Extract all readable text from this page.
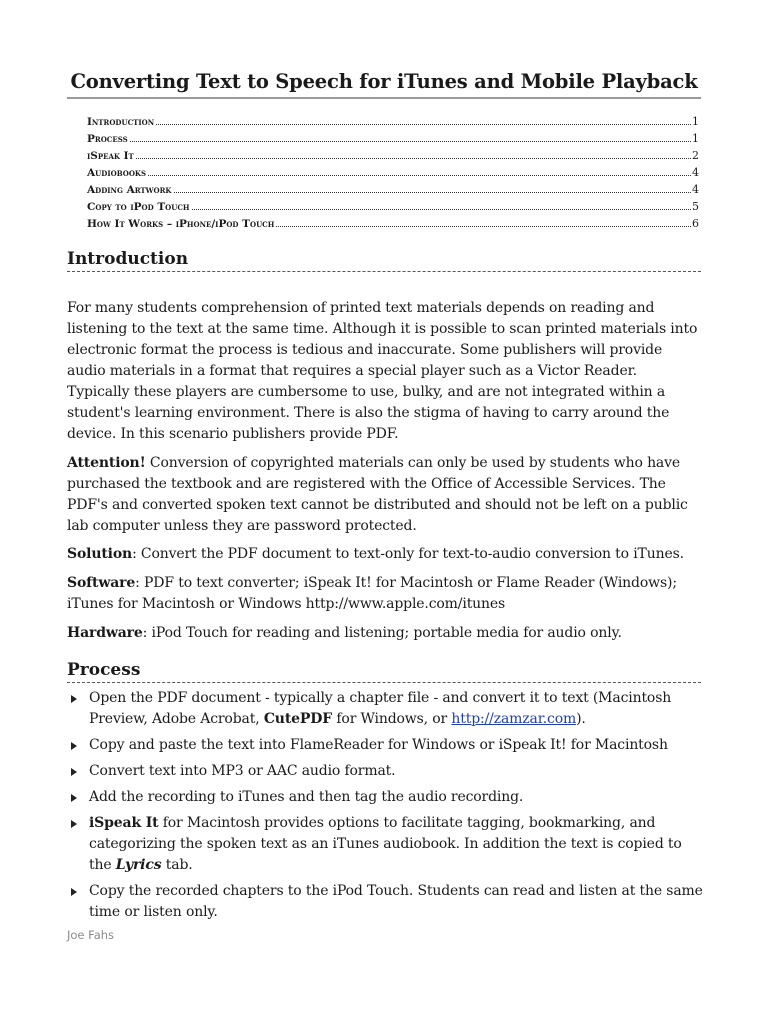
Converting Text to Speech for iTunes and Mobile Playback
Introduction	1
Process	1
iSpeak It	2
Audiobooks	4
Adding Artwork	4
Copy to iPod Touch	5
How It Works – iPhone/iPod Touch	6
Introduction

For many students comprehension of printed text materials depends on reading and listening to the text at the same time. Although it is possible to scan printed materials into electronic format the process is tedious and inaccurate. Some publishers will provide audio materials in a format that requires a special player such as a Victor Reader. Typically these players are cumbersome to use, bulky, and are not integrated within a student's learning environment. There is also the stigma of having to carry around the device. In this scenario publishers provide PDF.

Attention! Conversion of copyrighted materials can only be used by students who have purchased the textbook and are registered with the Office of Accessible Services. The PDF's and converted spoken text cannot be distributed and should not be left on a public lab computer unless they are password protected.

Solution: Convert the PDF document to text-only for text-to-audio conversion to iTunes.

Software: PDF to text converter; iSpeak It! for Macintosh or Flame Reader (Windows); iTunes for Macintosh or Windows http://www.apple.com/itunes

Hardware: iPod Touch for reading and listening; portable media for audio only.

Process
Open the PDF document - typically a chapter file - and convert it to text (Macintosh Preview, Adobe Acrobat, CutePDF for Windows, or http://zamzar.com).
Copy and paste the text into FlameReader for Windows or iSpeak It! for Macintosh
Convert text into MP3 or AAC audio format.
Add the recording to iTunes and then tag the audio recording.
iSpeak It for Macintosh provides options to facilitate tagging, bookmarking, and categorizing the spoken text as an iTunes audiobook. In addition the text is copied to the Lyrics tab.
Copy the recorded chapters to the iPod Touch. Students can read and listen at the same time or listen only.

Joe Fahs
